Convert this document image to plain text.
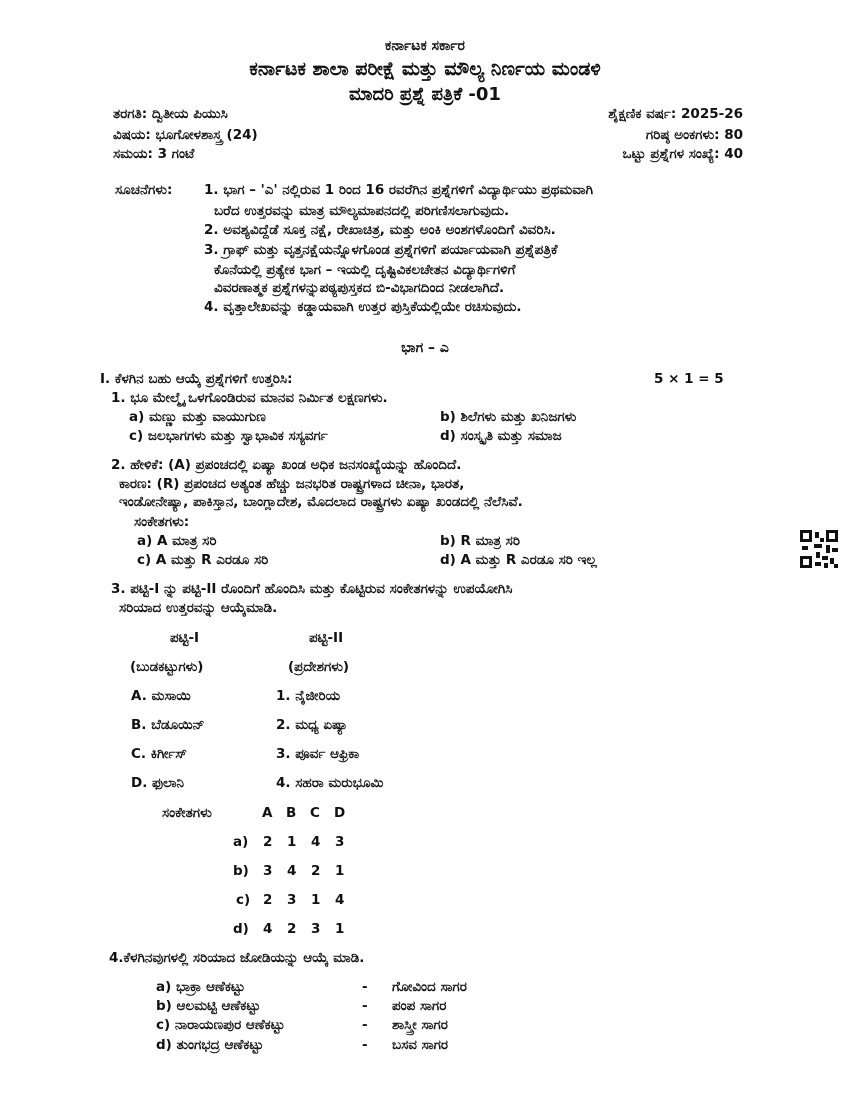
ಕರ್ನಾಟಕ ಸರ್ಕಾರ
ಕರ್ನಾಟಕ ಶಾಲಾ ಪರೀಕ್ಷೆ ಮತ್ತು ಮೌಲ್ಯ ನಿರ್ಣಯ ಮಂಡಳಿ
ಮಾದರಿ ಪ್ರಶ್ನೆ ಪತ್ರಿಕೆ -01
ತರಗತಿ: ದ್ವಿತೀಯ ಪಿಯುಸಿ	ಶೈಕ್ಷಣಿಕ ವರ್ಷ: 2025-26
ವಿಷಯ: ಭೂಗೋಳಶಾಸ್ತ್ರ (24)	ಗರಿಷ್ಠ ಅಂಕಗಳು: 80
ಸಮಯ: 3 ಗಂಟೆ	ಒಟ್ಟು ಪ್ರಶ್ನೆಗಳ ಸಂಖ್ಯೆ: 40
ಸೂಚನೆಗಳು: 1. ಭಾಗ – 'ಎ' ನಲ್ಲಿರುವ 1 ರಿಂದ 16 ರವರೆಗಿನ ಪ್ರಶ್ನೆಗಳಿಗೆ ವಿದ್ಯಾರ್ಥಿಯು ಪ್ರಥಮವಾಗಿ
ಬರೆದ ಉತ್ತರವನ್ನು ಮಾತ್ರ ಮೌಲ್ಯಮಾಪನದಲ್ಲಿ ಪರಿಗಣಿಸಲಾಗುವುದು.
2. ಅವಶ್ಯವಿದ್ದೆಡೆ ಸೂಕ್ತ ನಕ್ಷೆ, ರೇಖಾಚಿತ್ರ, ಮತ್ತು ಅಂಕಿ ಅಂಶಗಳೊಂದಿಗೆ ವಿವರಿಸಿ.
3. ಗ್ರಾಫ್ ಮತ್ತು ವೃತ್ತನಕ್ಷೆಯನ್ನೊಳಗೊಂಡ ಪ್ರಶ್ನೆಗಳಿಗೆ ಪರ್ಯಾಯವಾಗಿ ಪ್ರಶ್ನೆಪತ್ರಿಕೆ
ಕೊನೆಯಲ್ಲಿ ಪ್ರತ್ಯೇಕ ಭಾಗ – ಇಯಲ್ಲಿ ದೃಷ್ಟಿವಿಕಲಚೇತನ ವಿದ್ಯಾರ್ಥಿಗಳಿಗೆ
ವಿವರಣಾತ್ಮಕ ಪ್ರಶ್ನೆಗಳನ್ನುಪಠ್ಯಪುಸ್ತಕದ ಬಿ-ವಿಭಾಗದಿಂದ ನೀಡಲಾಗಿದೆ.
4. ವೃತ್ತಾಲೇಖವನ್ನು ಕಡ್ಡಾಯವಾಗಿ ಉತ್ತರ ಪುಸ್ತಿಕೆಯಲ್ಲಿಯೇ ರಚಿಸುವುದು.
ಭಾಗ – ಎ
I. ಕೆಳಗಿನ ಬಹು ಆಯ್ಕೆ ಪ್ರಶ್ನೆಗಳಿಗೆ ಉತ್ತರಿಸಿ:	5 × 1 = 5
1. ಭೂ ಮೇಲ್ಮೈ ಒಳಗೊಂಡಿರುವ ಮಾನವ ನಿರ್ಮಿತ ಲಕ್ಷಣಗಳು.
a) ಮಣ್ಣು ಮತ್ತು ವಾಯುಗುಣ	b) ಶಿಲೆಗಳು ಮತ್ತು ಖನಿಜಗಳು
c) ಜಲಭಾಗಗಳು ಮತ್ತು ಸ್ವಾಭಾವಿಕ ಸಸ್ಯವರ್ಗ	d) ಸಂಸ್ಕೃತಿ ಮತ್ತು ಸಮಾಜ
2. ಹೇಳಿಕೆ: (A) ಪ್ರಪಂಚದಲ್ಲಿ ಏಷ್ಯಾ ಖಂಡ ಅಧಿಕ ಜನಸಂಖ್ಯೆಯನ್ನು ಹೊಂದಿದೆ.
ಕಾರಣ: (R) ಪ್ರಪಂಚದ ಅತ್ಯಂತ ಹೆಚ್ಚು ಜನಭರಿತ ರಾಷ್ಟ್ರಗಳಾದ ಚೀನಾ, ಭಾರತ,
ಇಂಡೋನೇಷ್ಯಾ, ಪಾಕಿಸ್ತಾನ, ಬಾಂಗ್ಲಾದೇಶ, ಮೊದಲಾದ ರಾಷ್ಟ್ರಗಳು ಏಷ್ಯಾ ಖಂಡದಲ್ಲಿ ನೆಲೆಸಿವೆ.
ಸಂಕೇತಗಳು:
a) A ಮಾತ್ರ ಸರಿ	b) R ಮಾತ್ರ ಸರಿ
c) A ಮತ್ತು R ಎರಡೂ ಸರಿ	d) A ಮತ್ತು R ಎರಡೂ ಸರಿ ಇಲ್ಲ
3. ಪಟ್ಟಿ-I ನ್ನು ಪಟ್ಟಿ-II ರೊಂದಿಗೆ ಹೊಂದಿಸಿ ಮತ್ತು ಕೊಟ್ಟಿರುವ ಸಂಕೇತಗಳನ್ನು ಉಪಯೋಗಿಸಿ
ಸರಿಯಾದ ಉತ್ತರವನ್ನು ಆಯ್ಕೆಮಾಡಿ.
ಪಟ್ಟಿ-I	ಪಟ್ಟಿ-II
(ಬುಡಕಟ್ಟುಗಳು)	(ಪ್ರದೇಶಗಳು)
A. ಮಸಾಯಿ	1. ನೈಜೀರಿಯ
B. ಬೆಡೂಯಿನ್	2. ಮಧ್ಯ ಏಷ್ಯಾ
C. ಕಿರ್ಗೀಸ್	3. ಪೂರ್ವ ಆಫ್ರಿಕಾ
D. ಫುಲಾನಿ	4. ಸಹರಾ ಮರುಭೂಮಿ
ಸಂಕೇತಗಳು	A B C D
a) 2 1 4 3
b) 3 4 2 1
c) 2 3 1 4
d) 4 2 3 1
4.ಕೆಳಗಿನವುಗಳಲ್ಲಿ ಸರಿಯಾದ ಜೋಡಿಯನ್ನು ಆಯ್ಕೆ ಮಾಡಿ.
a) ಭಾಕ್ರಾ ಆಣೆಕಟ್ಟು	- ಗೋವಿಂದ ಸಾಗರ
b) ಆಲಮಟ್ಟಿ ಆಣೆಕಟ್ಟು	- ಪಂಪ ಸಾಗರ
c) ನಾರಾಯಣಪುರ ಆಣೆಕಟ್ಟು	- ಶಾಸ್ತ್ರೀ ಸಾಗರ
d) ತುಂಗಭದ್ರ ಆಣೆಕಟ್ಟು	- ಬಸವ ಸಾಗರ
